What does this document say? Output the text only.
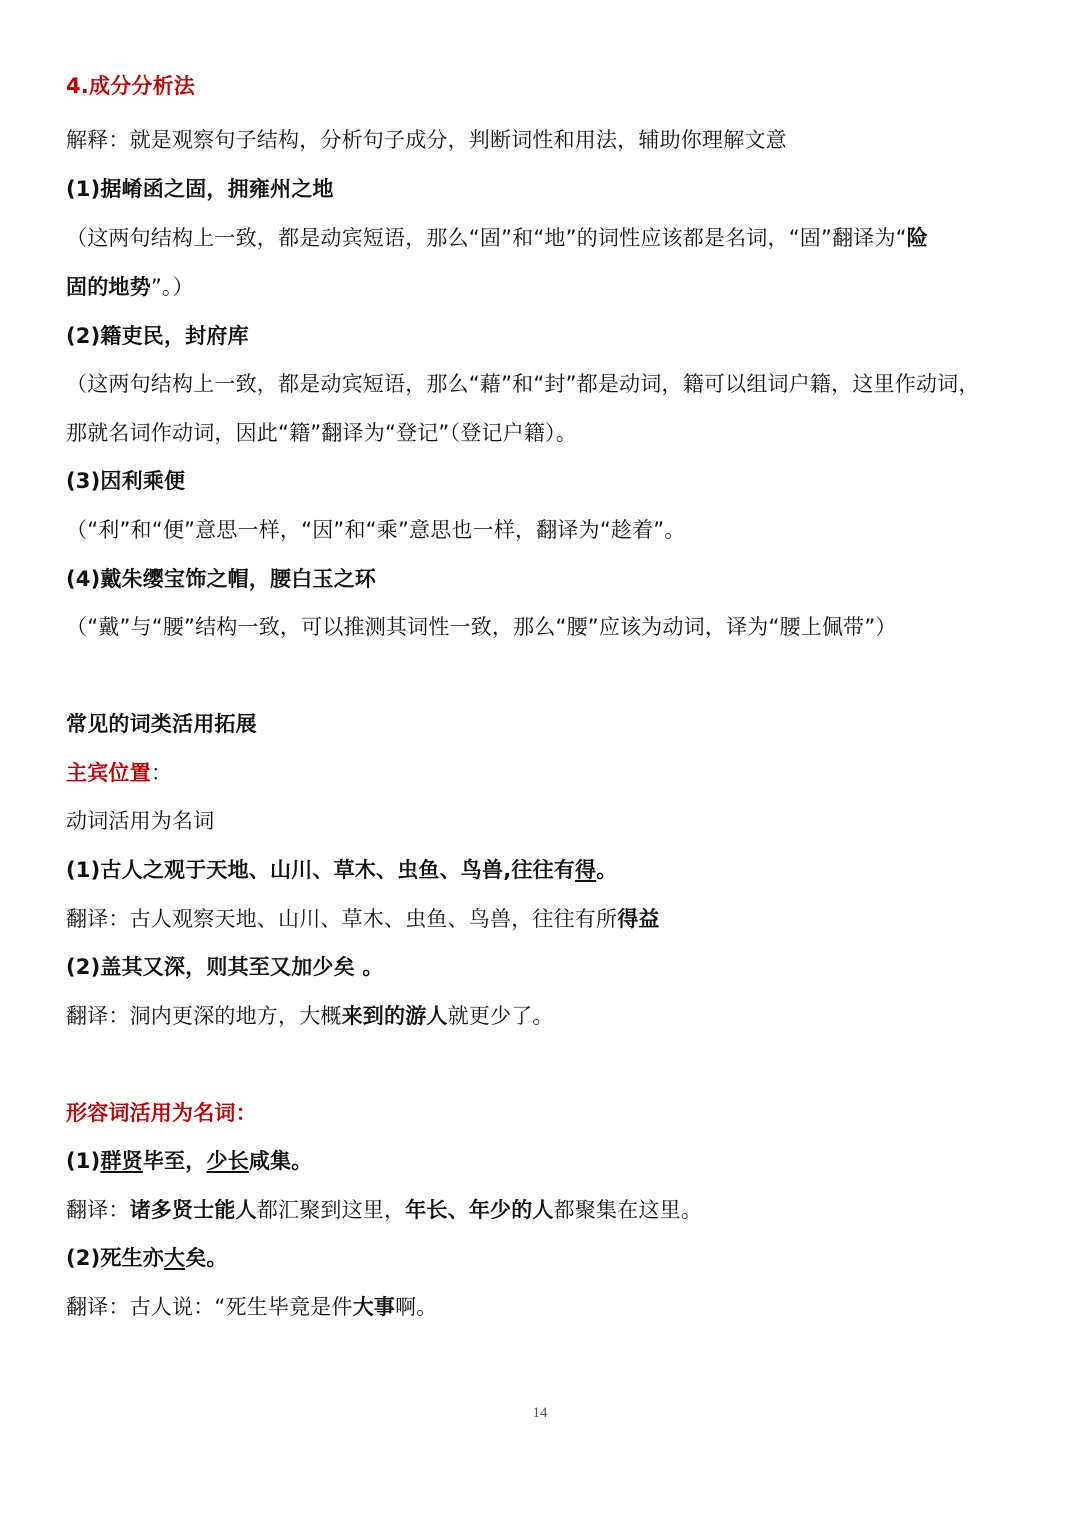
4.成分分析法
解释：就是观察句子结构，分析句子成分，判断词性和用法，辅助你理解文意
(1)据崤函之固，拥雍州之地
（这两句结构上一致，都是动宾短语，那么“固”和“地”的词性应该都是名词，“固”翻译为“险
固的地势”。）
(2)籍吏民，封府库
（这两句结构上一致，都是动宾短语，那么“藉”和“封”都是动词，籍可以组词户籍，这里作动词，
那就名词作动词，因此“籍”翻译为“登记”（登记户籍）。
(3)因利乘便
（“利”和“便”意思一样，“因”和“乘”意思也一样，翻译为“趁着”。
(4)戴朱缨宝饰之帽，腰白玉之环
（“戴”与“腰”结构一致，可以推测其词性一致，那么“腰”应该为动词，译为“腰上佩带”）
常见的词类活用拓展
主宾位置：
动词活用为名词
(1)古人之观于天地、山川、草木、虫鱼、鸟兽,往往有得。
翻译：古人观察天地、山川、草木、虫鱼、鸟兽，往往有所得益
(2)盖其又深，则其至又加少矣 。
翻译：洞内更深的地方，大概来到的游人就更少了。
形容词活用为名词：
(1)群贤毕至，少长咸集。
翻译：诸多贤士能人都汇聚到这里，年长、年少的人都聚集在这里。
(2)死生亦大矣。
翻译：古人说：“死生毕竟是件大事啊。
14
